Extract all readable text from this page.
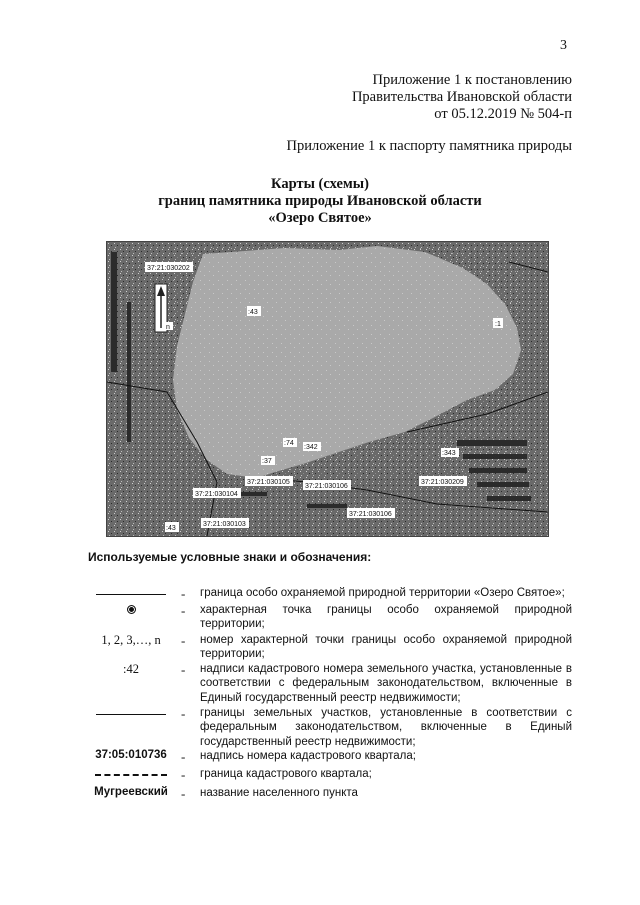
3
Приложение 1 к постановлению
Правительства Ивановской области
от 05.12.2019 № 504-п
Приложение 1 к паспорту памятника природы
Карты (схемы)
границ памятника природы Ивановской области
«Озеро Святое»
37:21:030202
n
:43
:1
:74
:342
:343
:37
37:21:030105
37:21:030106
37:21:030209
37:21:030104
37:21:030106
37:21:030103
:43
Используемые условные знаки и обозначения:
- граница особо охраняемой природной территории «Озеро Святое»;
- характерная точка границы особо охраняемой природной территории;
1, 2, 3,…, n	- номер характерной точки границы особо охраняемой природной территории;
:42	- надписи кадастрового номера земельного участка, установленные в соответствии с федеральным законодательством, включенные в Единый государственный реестр недвижимости;
- границы земельных участков, установленные в соответствии с федеральным законодательством, включенные в Единый государственный реестр недвижимости;
37:05:010736	- надпись номера кадастрового квартала;
- граница кадастрового квартала;
Мугреевский	- название населенного пункта
